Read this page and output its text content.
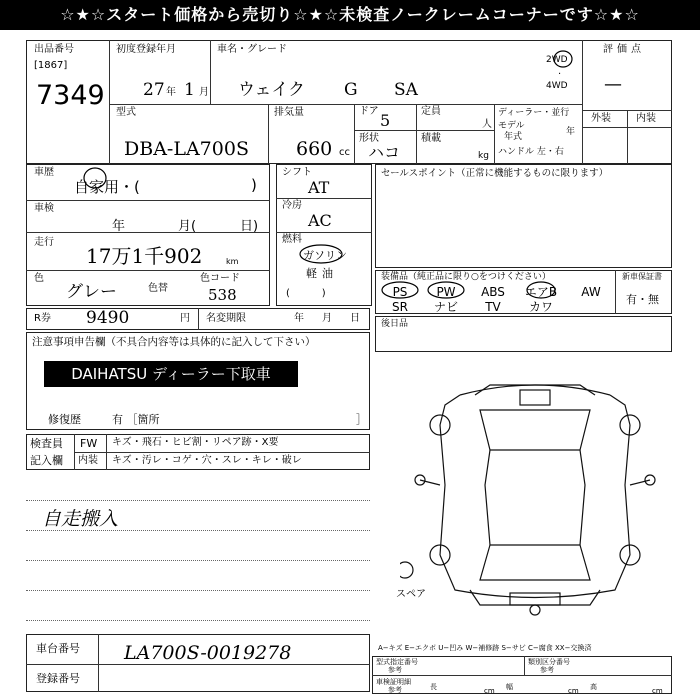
☆★☆スタート価格から売切り☆★☆未検査ノークレームコーナーです☆★☆
出品番号
[1867]
7349
初度登録年月
27 年 1 月
車名・グレード
ウェイク G SA
2WD
·
4WD
評価点
—
型式
DBA-LA700S
排気量
660 cc
ドア 5
形状
ハコ
定員
人
積載
kg
ディーラー・並行
モデル
年式	年
ハンドル 左・右
外装	内装
車歴
自家用・(	)
車検
年	月(	日)
走行
17万1千902	km
色
グレー	色替
色コード
538
シフト
AT
冷房
AC
燃料
ガソリン
軽油
(          )
セールスポイント（正常に機能するものに限ります）
装備品（純正品に限り○をつけください）	新車保証書
有・無
PS	PW	ABS	エアB	AW
SR	ナビ	TV	カワ
R券 9490	円 名変期限	年 月 日 後日品
注意事項申告欄（不具合内容等は具体的に記入して下さい）
DAIHATSU ディーラー下取車
修復歴	有 ［箇所	］
検査員
記入欄
FW キズ・飛石・ヒビ割・リペア跡・X要
内装 キズ・汚レ・コゲ・穴・スレ・キレ・破レ
自走搬入
スペア
車台番号 LA700S-0019278
登録番号
A−キズ E−エクボ U−凹み W−補修跡 S−サビ C−腐食 XX−交換済
型式指定番号
参考
類別区分番号
参考
車検証明細
参考	長	cm 幅	cm 高	cm
